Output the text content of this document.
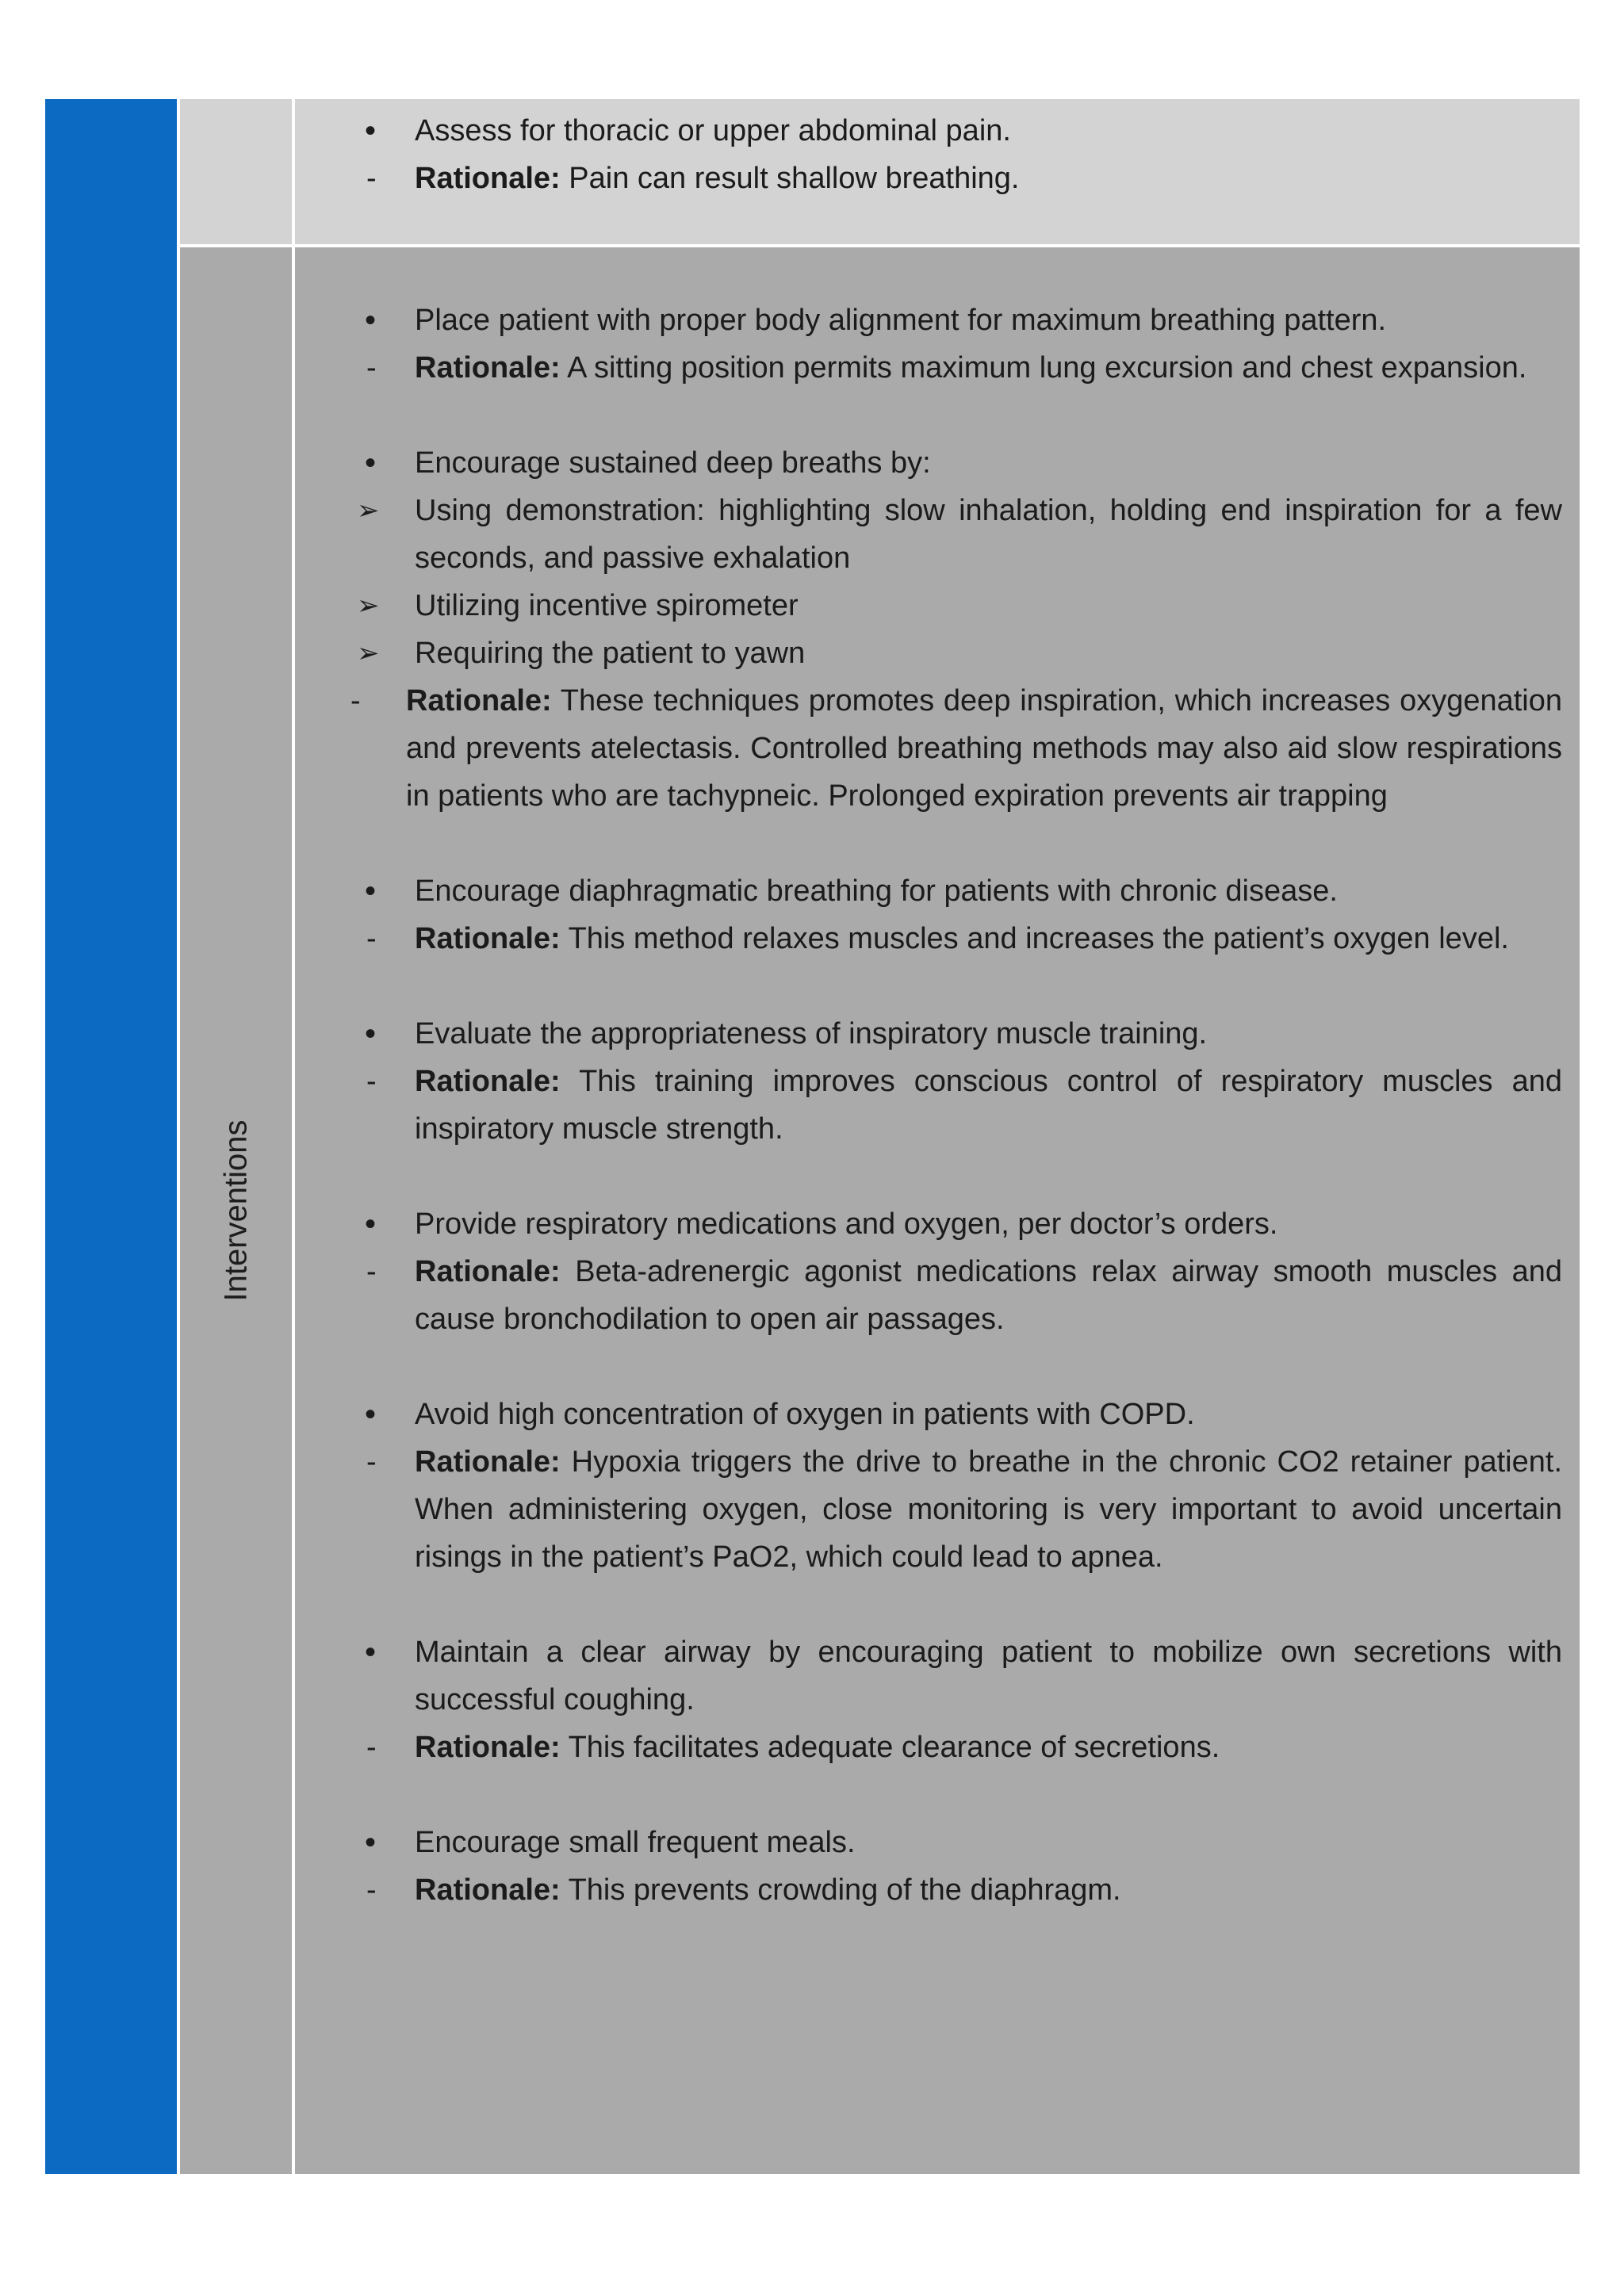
• Assess for thoracic or upper abdominal pain.
- Rationale: Pain can result shallow breathing.
Interventions
• Place patient with proper body alignment for maximum breathing pattern.
- Rationale: A sitting position permits maximum lung excursion and chest expansion.
• Encourage sustained deep breaths by:
➢ Using demonstration: highlighting slow inhalation, holding end inspiration for a few seconds, and passive exhalation
➢ Utilizing incentive spirometer
➢ Requiring the patient to yawn
- Rationale: These techniques promotes deep inspiration, which increases oxygenation and prevents atelectasis. Controlled breathing methods may also aid slow respirations in patients who are tachypneic. Prolonged expiration prevents air trapping
• Encourage diaphragmatic breathing for patients with chronic disease.
- Rationale: This method relaxes muscles and increases the patient’s oxygen level.
• Evaluate the appropriateness of inspiratory muscle training.
- Rationale: This training improves conscious control of respiratory muscles and inspiratory muscle strength.
• Provide respiratory medications and oxygen, per doctor’s orders.
- Rationale: Beta-adrenergic agonist medications relax airway smooth muscles and cause bronchodilation to open air passages.
• Avoid high concentration of oxygen in patients with COPD.
- Rationale: Hypoxia triggers the drive to breathe in the chronic CO2 retainer patient. When administering oxygen, close monitoring is very important to avoid uncertain risings in the patient’s PaO2, which could lead to apnea.
• Maintain a clear airway by encouraging patient to mobilize own secretions with successful coughing.
- Rationale: This facilitates adequate clearance of secretions.
• Encourage small frequent meals.
- Rationale: This prevents crowding of the diaphragm.
